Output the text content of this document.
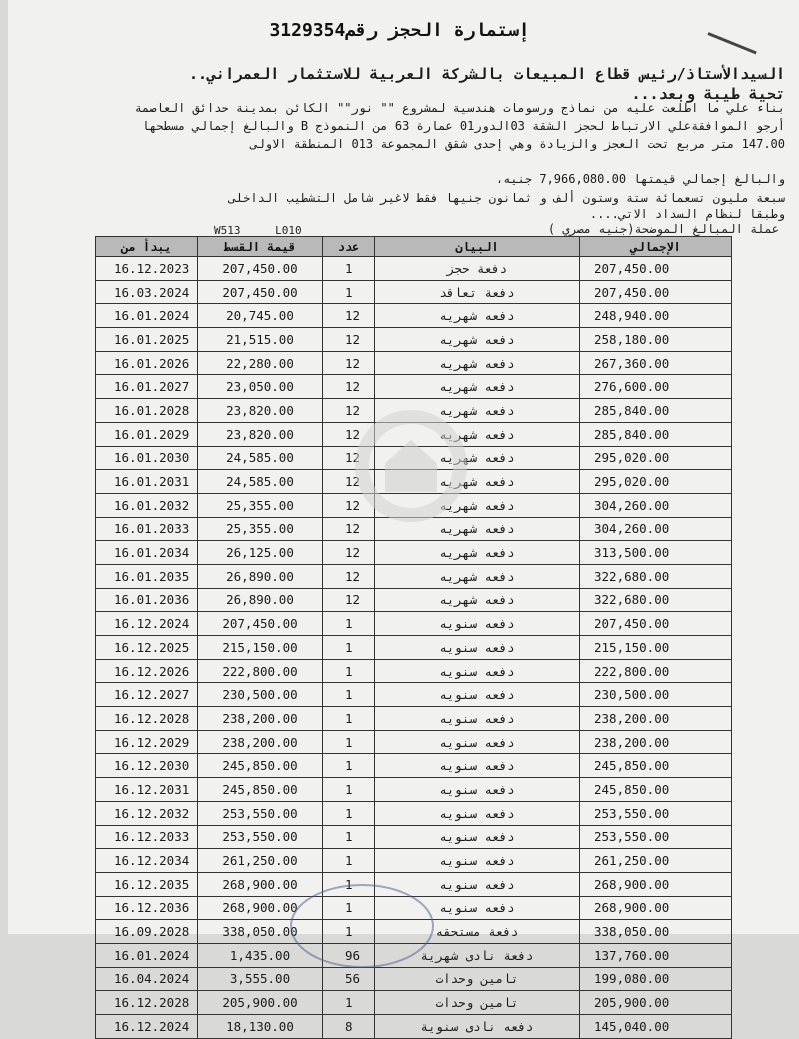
إستمارة الحجز رقم3129354
السيدالأستاذ/رئيس قطاع المبيعات بالشركة العربية للاستثمار العمراني..
تحية طيبة وبعد...
بناء علي ما اطلعت عليه من نماذج ورسومات هندسية لمشروع "" نور"" الكائن بمدينة حدائق العاصمة
أرجو الموافقةعلي الارتباط لحجز الشقة 03الدور01 عمارة 63 من النموذج B والبالغ إجمالي مسطحها
147.00 متر مربع تحت العجز والزيادة وهي إحدى شقق المجموعة 013 المنطقة الاولى
والبالغ إجمالي قيمتها 7,966,080.00 جنيه،
سبعة مليون تسعمائة ستة وستون ألف و ثمانون جنيها فقط لاغير شامل التشطيب الداخلى
وطبقا لنظام السداد الاتي....
W513	L010	عملة المبالغ الموضحة(جنيه مصري )
يبدأ من	قيمة القسط	عدد	البيان	الإجمالي
16.12.2023	207,450.00	1	دفعة حجز	207,450.00
16.03.2024	207,450.00	1	دفعة تعاقد	207,450.00
16.01.2024	20,745.00	12	دفعه شهريه	248,940.00
16.01.2025	21,515.00	12	دفعه شهريه	258,180.00
16.01.2026	22,280.00	12	دفعه شهريه	267,360.00
16.01.2027	23,050.00	12	دفعه شهريه	276,600.00
16.01.2028	23,820.00	12	دفعه شهريه	285,840.00
16.01.2029	23,820.00	12	دفعه شهريه	285,840.00
16.01.2030	24,585.00	12	دفعه شهريه	295,020.00
16.01.2031	24,585.00	12	دفعه شهريه	295,020.00
16.01.2032	25,355.00	12	دفعه شهريه	304,260.00
16.01.2033	25,355.00	12	دفعه شهريه	304,260.00
16.01.2034	26,125.00	12	دفعه شهريه	313,500.00
16.01.2035	26,890.00	12	دفعه شهريه	322,680.00
16.01.2036	26,890.00	12	دفعه شهريه	322,680.00
16.12.2024	207,450.00	1	دفعه سنويه	207,450.00
16.12.2025	215,150.00	1	دفعه سنويه	215,150.00
16.12.2026	222,800.00	1	دفعه سنويه	222,800.00
16.12.2027	230,500.00	1	دفعه سنويه	230,500.00
16.12.2028	238,200.00	1	دفعه سنويه	238,200.00
16.12.2029	238,200.00	1	دفعه سنويه	238,200.00
16.12.2030	245,850.00	1	دفعه سنويه	245,850.00
16.12.2031	245,850.00	1	دفعه سنويه	245,850.00
16.12.2032	253,550.00	1	دفعه سنويه	253,550.00
16.12.2033	253,550.00	1	دفعه سنويه	253,550.00
16.12.2034	261,250.00	1	دفعه سنويه	261,250.00
16.12.2035	268,900.00	1	دفعه سنويه	268,900.00
16.12.2036	268,900.00	1	دفعه سنويه	268,900.00
16.09.2028	338,050.00	1	دفعة مستحقه	338,050.00
16.01.2024	1,435.00	96	دفعة نادى شهرية	137,760.00
16.04.2024	3,555.00	56	تامين وحدات	199,080.00
16.12.2028	205,900.00	1	تامين وحدات	205,900.00
16.12.2024	18,130.00	8	دفعه نادى سنوية	145,040.00
